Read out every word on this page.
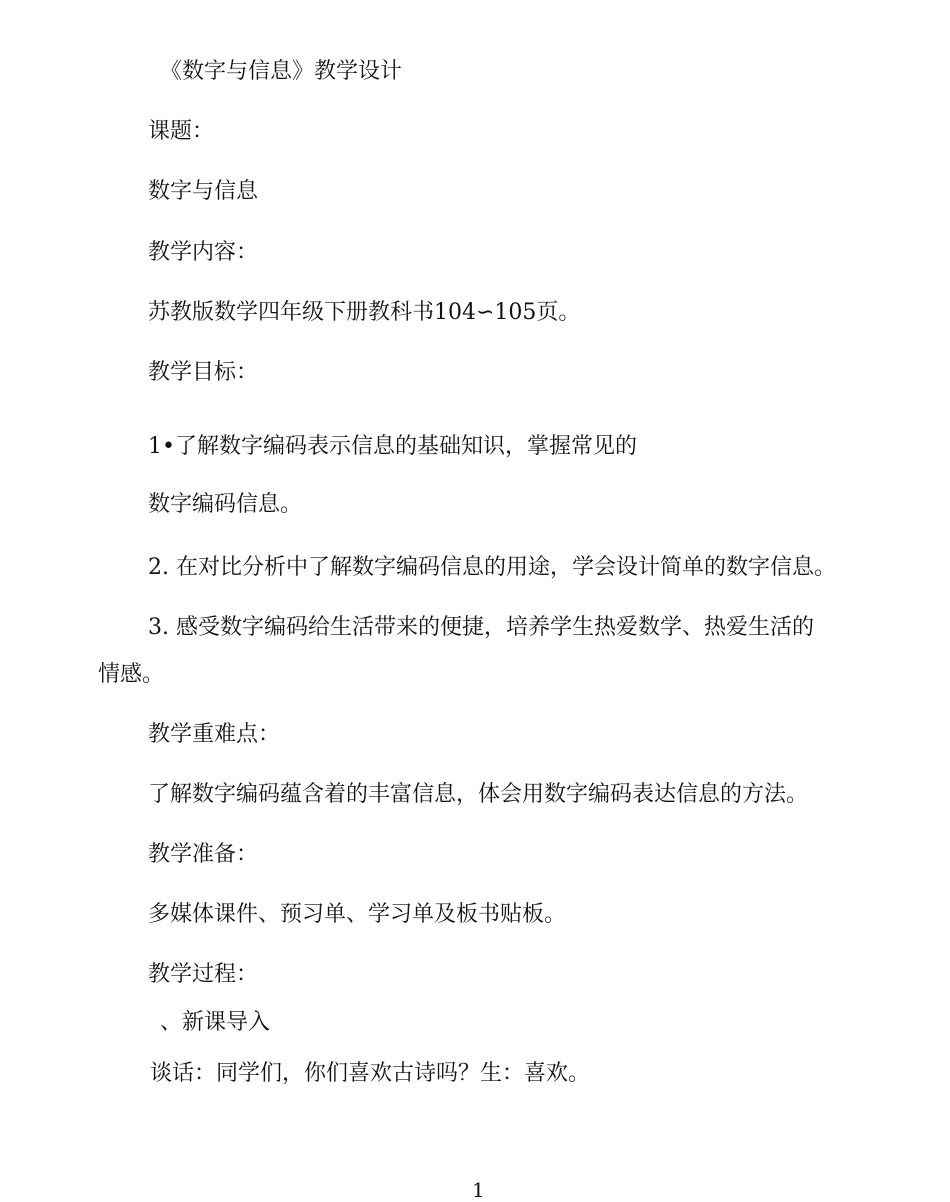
《数字与信息》教学设计

课题：

数字与信息

教学内容：

苏教版数学四年级下册教科书104∽105页。

教学目标：

1•了解数字编码表示信息的基础知识，掌握常见的

数字编码信息。

2. 在对比分析中了解数字编码信息的用途，学会设计简单的数字信息。

3. 感受数字编码给生活带来的便捷，培养学生热爱数学、热爱生活的

情感。

教学重难点：

了解数字编码蕴含着的丰富信息，体会用数字编码表达信息的方法。

教学准备：

多媒体课件、预习单、学习单及板书贴板。

教学过程：

、新课导入

谈话：同学们，你们喜欢古诗吗？生：喜欢。

1
